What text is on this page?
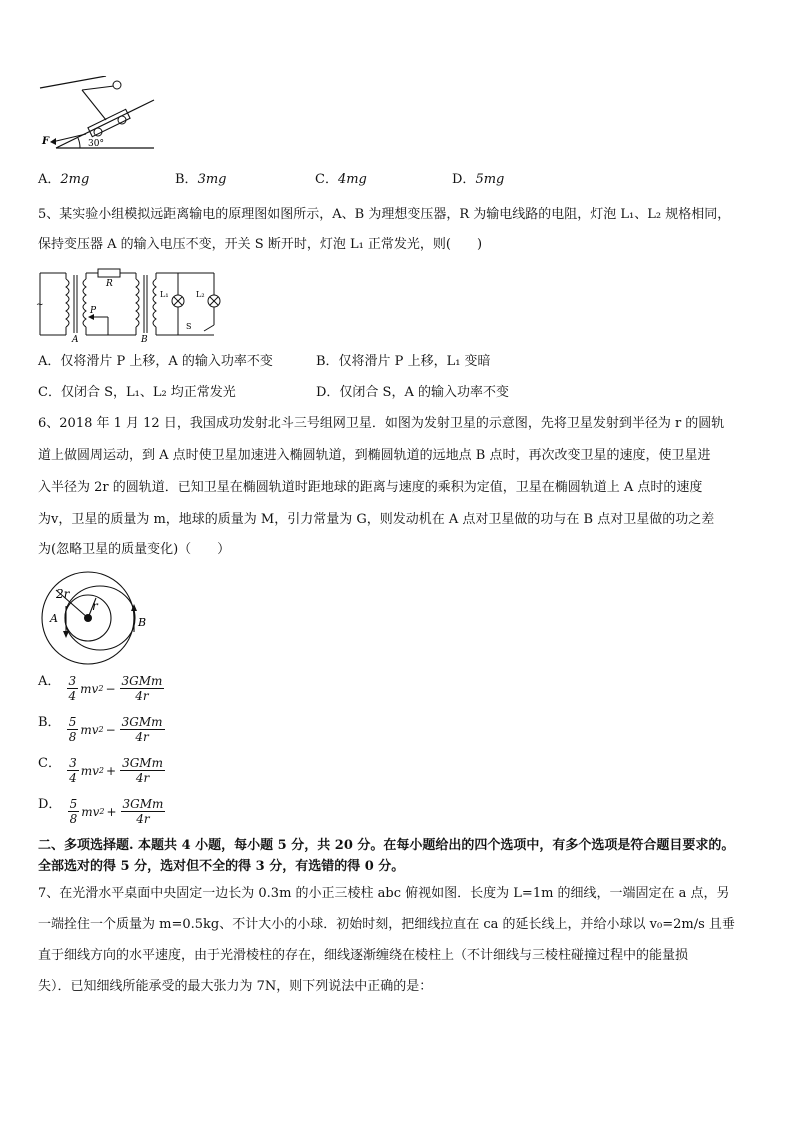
F	30°
A．2mg	B．3mg	C．4mg	D．5mg
5、某实验小组模拟远距离输电的原理图如图所示，A、B 为理想变压器，R 为输电线路的电阻，灯泡 L₁、L₂ 规格相同，
保持变压器 A 的输入电压不变，开关 S 断开时，灯泡 L₁ 正常发光，则(　　)
R
P
A	B
L₁	L₂
S
~
A．仅将滑片 P 上移，A 的输入功率不变	B．仅将滑片 P 上移，L₁ 变暗
C．仅闭合 S，L₁、L₂ 均正常发光	D．仅闭合 S，A 的输入功率不变
6、2018 年 1 月 12 日，我国成功发射北斗三号组网卫星．如图为发射卫星的示意图，先将卫星发射到半径为 r 的圆轨
道上做圆周运动，到 A 点时使卫星加速进入椭圆轨道，到椭圆轨道的远地点 B 点时，再次改变卫星的速度，使卫星进
入半径为 2r 的圆轨道．已知卫星在椭圆轨道时距地球的距离与速度的乘积为定值，卫星在椭圆轨道上 A 点时的速度
为v，卫星的质量为 m，地球的质量为 M，引力常量为 G，则发动机在 A 点对卫星做的功与在 B 点对卫星做的功之差
为(忽略卫星的质量变化)（　　）
2r
r
A	B
A． $\frac{3}{4}$ mv $2 - \frac{\text{3GMm}}{4r}$
B． $\frac{5}{8}$ mv $2 - \frac{\text{3GMm}}{4r}$
C． $\frac{3}{4}$ mv $2 + \frac{\text{3GMm}}{4r}$
D． $\frac{5}{8}$ mv $2 + \frac{\text{3GMm}}{4r}$
二、多项选择题. 本题共 4 小题，每小题 5 分，共 20 分。在每小题给出的四个选项中，有多个选项是符合题目要求的。
全部选对的得 5 分，选对但不全的得 3 分，有选错的得 0 分。
7、在光滑水平桌面中央固定一边长为 0.3m 的小正三棱柱 abc 俯视如图．长度为 L=1m 的细线，一端固定在 a 点，另
一端拴住一个质量为 m=0.5kg、不计大小的小球．初始时刻，把细线拉直在 ca 的延长线上，并给小球以 v₀=2m/s 且垂
直于细线方向的水平速度，由于光滑棱柱的存在，细线逐渐缠绕在棱柱上（不计细线与三棱柱碰撞过程中的能量损
失）．已知细线所能承受的最大张力为 7N，则下列说法中正确的是：
